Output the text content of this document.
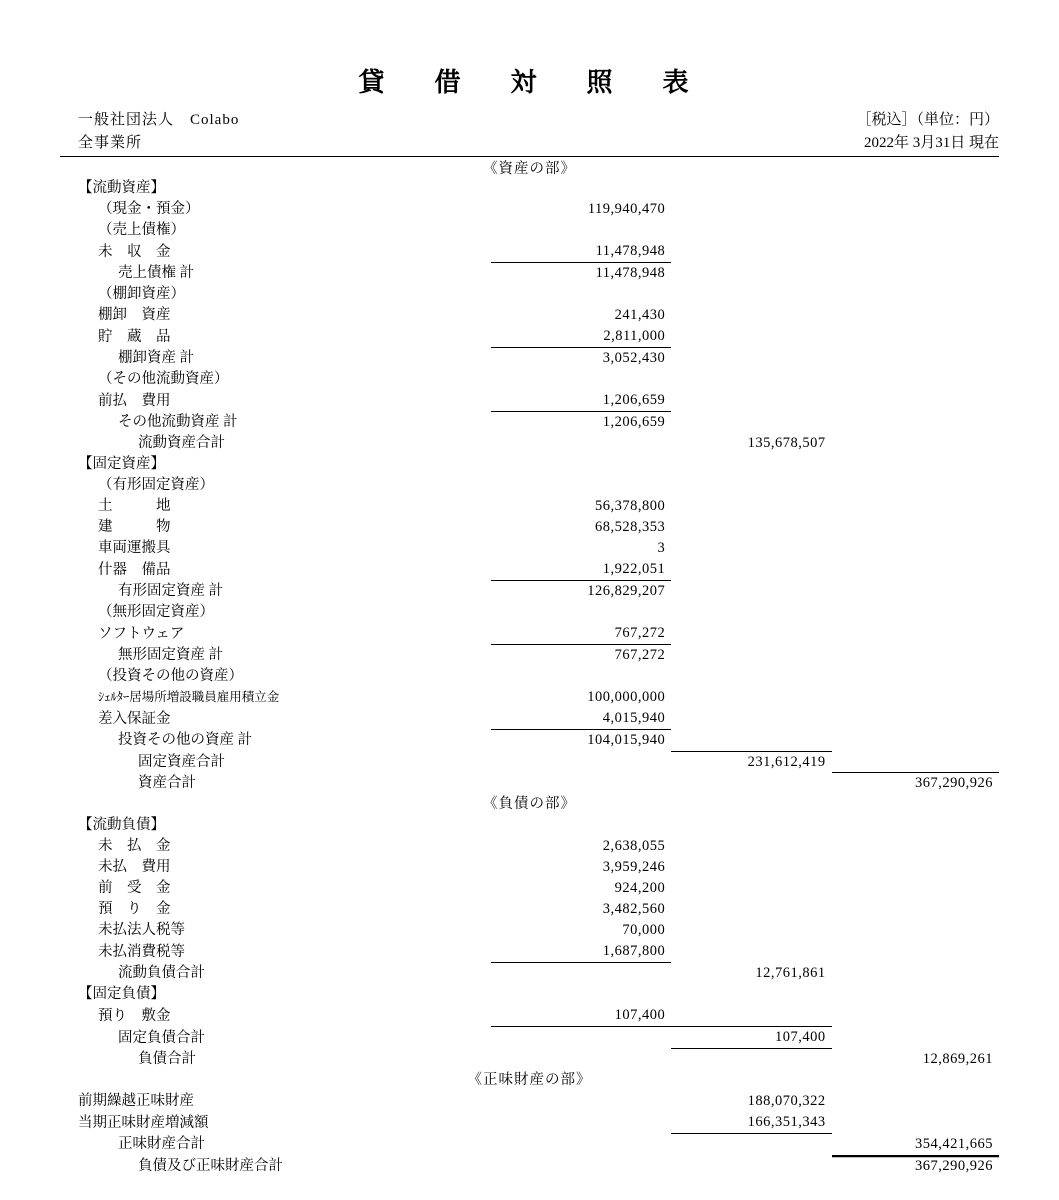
貸　借　対　照　表
一般社団法人　Colabo
全事業所
［税込］（単位：円）
2022年 3月31日 現在
《資産の部》
【流動資産】			
（現金・預金）	119,940,470		
（売上債権）			
未　収　金	11,478,948		
売上債権 計	11,478,948		
（棚卸資産）			
棚卸　資産	241,430		
貯　蔵　品	2,811,000		
棚卸資産 計	3,052,430		
（その他流動資産）			
前払　費用	1,206,659		
その他流動資産 計	1,206,659		
流動資産合計		135,678,507	
【固定資産】			
（有形固定資産）			
土　　　地	56,378,800		
建　　　物	68,528,353		
車両運搬具	3		
什器　備品	1,922,051		
有形固定資産 計	126,829,207		
（無形固定資産）			
ソフトウェア	767,272		
無形固定資産 計	767,272		
（投資その他の資産）			
ｼｪﾙﾀｰ居場所増設職員雇用積立金	100,000,000		
差入保証金	4,015,940		
投資その他の資産 計	104,015,940		
固定資産合計		231,612,419	
資産合計			367,290,926
《負債の部》			
【流動負債】			
未　払　金	2,638,055		
未払　費用	3,959,246		
前　受　金	924,200		
預　り　金	3,482,560		
未払法人税等	70,000		
未払消費税等	1,687,800		
流動負債合計		12,761,861	
【固定負債】			
預り　敷金	107,400		
固定負債合計		107,400	
負債合計			12,869,261
《正味財産の部》			
前期繰越正味財産		188,070,322	
当期正味財産増減額		166,351,343	
正味財産合計			354,421,665
負債及び正味財産合計			367,290,926
